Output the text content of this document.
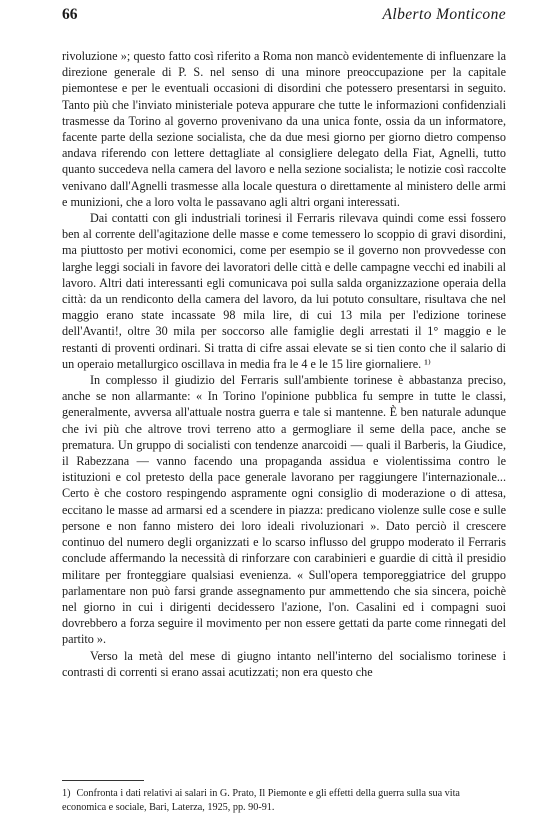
66	Alberto Monticone

rivoluzione »; questo fatto così riferito a Roma non mancò evidentemente di influenzare la direzione generale di P. S. nel senso di una minore preoccupazione per la capitale piemontese e per le eventuali occasioni di disordini che potessero presentarsi in seguito. Tanto più che l'inviato ministeriale poteva appurare che tutte le informazioni confidenziali trasmesse da Torino al governo provenivano da una unica fonte, ossia da un informatore, facente parte della sezione socialista, che da due mesi giorno per giorno dietro compenso andava riferendo con lettere dettagliate al consigliere delegato della Fiat, Agnelli, tutto quanto succedeva nella camera del lavoro e nella sezione socialista; le notizie così raccolte venivano dall'Agnelli trasmesse alla locale questura o direttamente al ministero delle armi e munizioni, che a loro volta le passavano agli altri organi interessati.

Dai contatti con gli industriali torinesi il Ferraris rilevava quindi come essi fossero ben al corrente dell'agitazione delle masse e come temessero lo scoppio di gravi disordini, ma piuttosto per motivi economici, come per esempio se il governo non provvedesse con larghe leggi sociali in favore dei lavoratori delle città e delle campagne vecchi ed inabili al lavoro. Altri dati interessanti egli comunicava poi sulla salda organizzazione operaia della città: da un rendiconto della camera del lavoro, da lui potuto consultare, risultava che nel maggio erano state incassate 98 mila lire, di cui 13 mila per l'edizione torinese dell'Avanti!, oltre 30 mila per soccorso alle famiglie degli arrestati il 1° maggio e le restanti di proventi ordinari. Si tratta di cifre assai elevate se si tien conto che il salario di un operaio metallurgico oscillava in media fra le 4 e le 15 lire giornaliere. ¹⁾

In complesso il giudizio del Ferraris sull'ambiente torinese è abbastanza preciso, anche se non allarmante: « In Torino l'opinione pubblica fu sempre in tutte le classi, generalmente, avversa all'attuale nostra guerra e tale si mantenne. È ben naturale adunque che ivi più che altrove trovi terreno atto a germogliare il seme della pace, anche se prematura. Un gruppo di socialisti con tendenze anarcoidi — quali il Barberis, la Giudice, il Rabezzana — vanno facendo una propaganda assidua e violentissima contro le istituzioni e col pretesto della pace generale lavorano per raggiungere l'internazionale... Certo è che costoro respingendo aspramente ogni consiglio di moderazione o di attesa, eccitano le masse ad armarsi ed a scendere in piazza: predicano violenze sulle cose e sulle persone e non fanno mistero dei loro ideali rivoluzionari ». Dato perciò il crescere continuo del numero degli organizzati e lo scarso influsso del gruppo moderato il Ferraris conclude affermando la necessità di rinforzare con carabinieri e guardie di città il presidio militare per fronteggiare qualsiasi evenienza. « Sull'opera temporeggiatrice del gruppo parlamentare non può farsi grande assegnamento pur ammettendo che sia sincera, poichè nel giorno in cui i dirigenti decidessero l'azione, l'on. Casalini ed i compagni suoi dovrebbero a forza seguire il movimento per non essere gettati da parte come rinnegati del partito ».

Verso la metà del mese di giugno intanto nell'interno del socialismo torinese i contrasti di correnti si erano assai acutizzati; non era questo che

1) Confronta i dati relativi ai salari in G. Prato, Il Piemonte e gli effetti della guerra sulla sua vita economica e sociale, Bari, Laterza, 1925, pp. 90-91.
